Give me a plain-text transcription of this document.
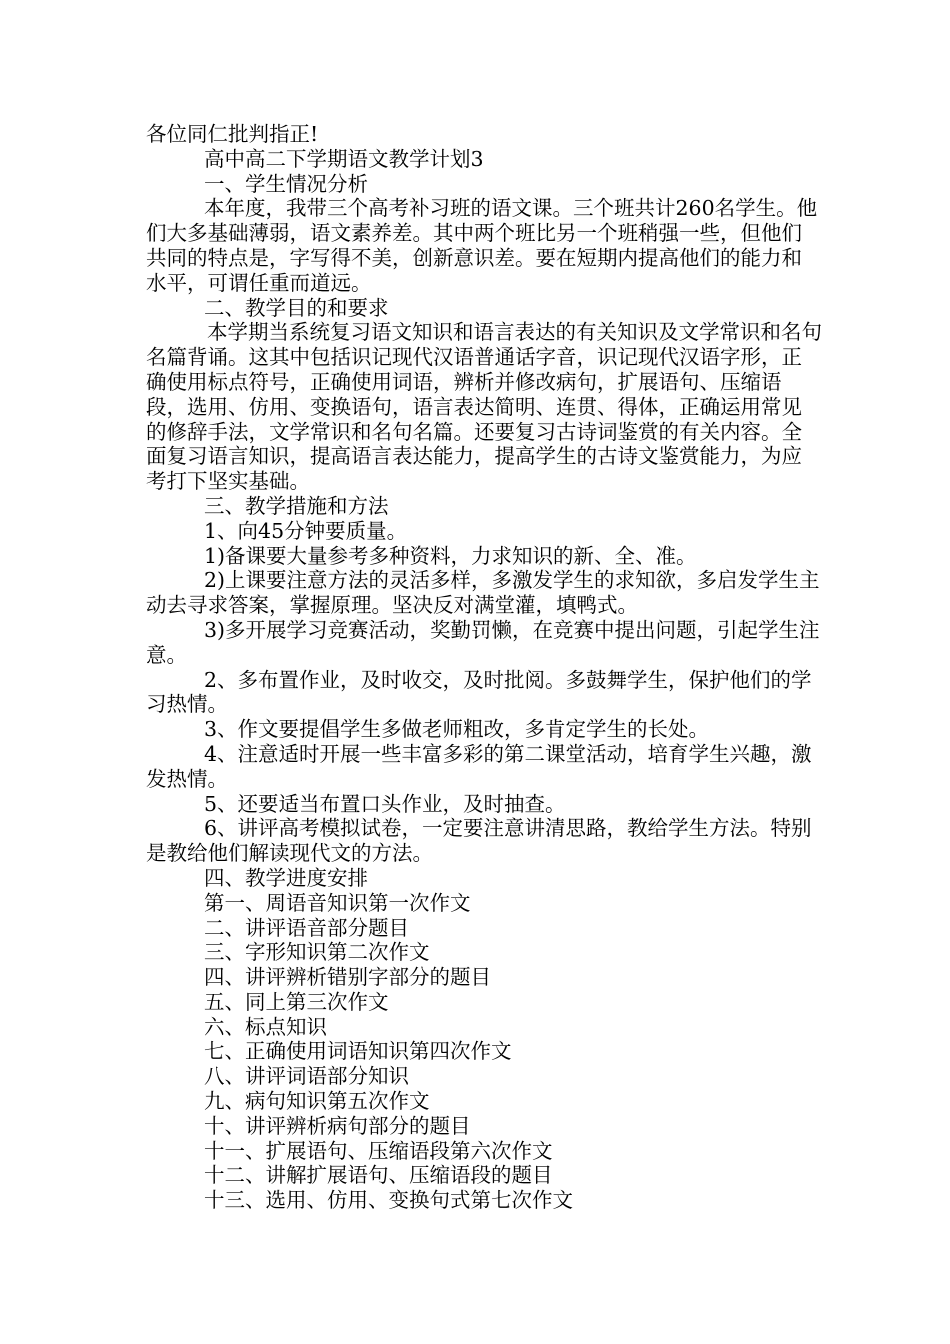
各位同仁批判指正!

高中高二下学期语文教学计划3

一、学生情况分析

本年度，我带三个高考补习班的语文课。三个班共计260名学生。他们大多基础薄弱，语文素养差。其中两个班比另一个班稍强一些，但他们共同的特点是，字写得不美，创新意识差。要在短期内提高他们的能力和水平，可谓任重而道远。

二、教学目的和要求

本学期当系统复习语文知识和语言表达的有关知识及文学常识和名句名篇背诵。这其中包括识记现代汉语普通话字音，识记现代汉语字形，正确使用标点符号，正确使用词语，辨析并修改病句，扩展语句、压缩语段，选用、仿用、变换语句，语言表达简明、连贯、得体，正确运用常见的修辞手法，文学常识和名句名篇。还要复习古诗词鉴赏的有关内容。全面复习语言知识，提高语言表达能力，提高学生的古诗文鉴赏能力，为应考打下坚实基础。

三、教学措施和方法

1、向45分钟要质量。

1)备课要大量参考多种资料，力求知识的新、全、准。

2)上课要注意方法的灵活多样，多激发学生的求知欲，多启发学生主动去寻求答案，掌握原理。坚决反对满堂灌，填鸭式。

3)多开展学习竞赛活动，奖勤罚懒，在竞赛中提出问题，引起学生注意。

2、多布置作业，及时收交，及时批阅。多鼓舞学生，保护他们的学习热情。

3、作文要提倡学生多做老师粗改，多肯定学生的长处。

4、注意适时开展一些丰富多彩的第二课堂活动，培育学生兴趣，激发热情。

5、还要适当布置口头作业，及时抽查。

6、讲评高考模拟试卷，一定要注意讲清思路，教给学生方法。特别是教给他们解读现代文的方法。

四、教学进度安排

第一、周语音知识第一次作文

二、讲评语音部分题目

三、字形知识第二次作文

四、讲评辨析错别字部分的题目

五、同上第三次作文

六、标点知识

七、正确使用词语知识第四次作文

八、讲评词语部分知识

九、病句知识第五次作文

十、讲评辨析病句部分的题目

十一、扩展语句、压缩语段第六次作文

十二、讲解扩展语句、压缩语段的题目

十三、选用、仿用、变换句式第七次作文
